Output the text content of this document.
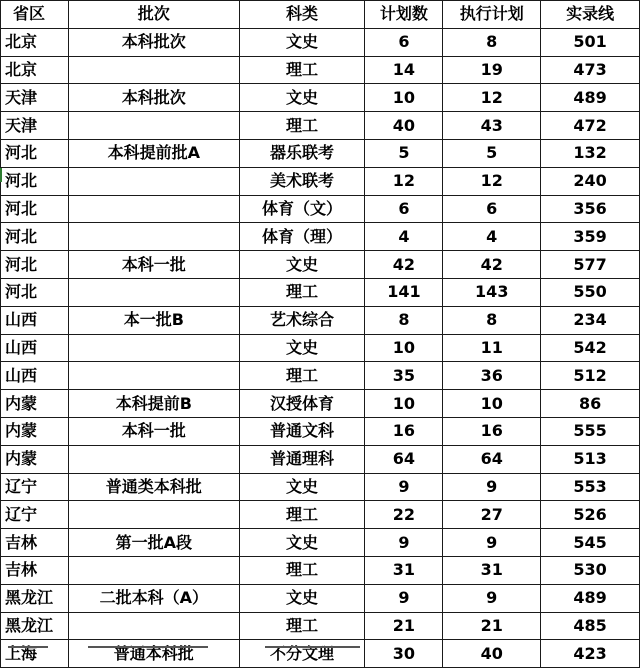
省区	批次	科类	计划数	执行计划	实录线
北京	本科批次	文史	6	8	501
北京		理工	14	19	473
天津	本科批次	文史	10	12	489
天津		理工	40	43	472
河北	本科提前批A	器乐联考	5	5	132
河北		美术联考	12	12	240
河北		体育（文）	6	6	356
河北		体育（理）	4	4	359
河北	本科一批	文史	42	42	577
河北		理工	141	143	550
山西	本一批B	艺术综合	8	8	234
山西		文史	10	11	542
山西		理工	35	36	512
内蒙	本科提前B	汉授体育	10	10	86
内蒙	本科一批	普通文科	16	16	555
内蒙		普通理科	64	64	513
辽宁	普通类本科批	文史	9	9	553
辽宁		理工	22	27	526
吉林	第一批A段	文史	9	9	545
吉林		理工	31	31	530
黑龙江	二批本科（A）	文史	9	9	489
黑龙江		理工	21	21	485
上海	普通本科批	不分文理	30	40	423
